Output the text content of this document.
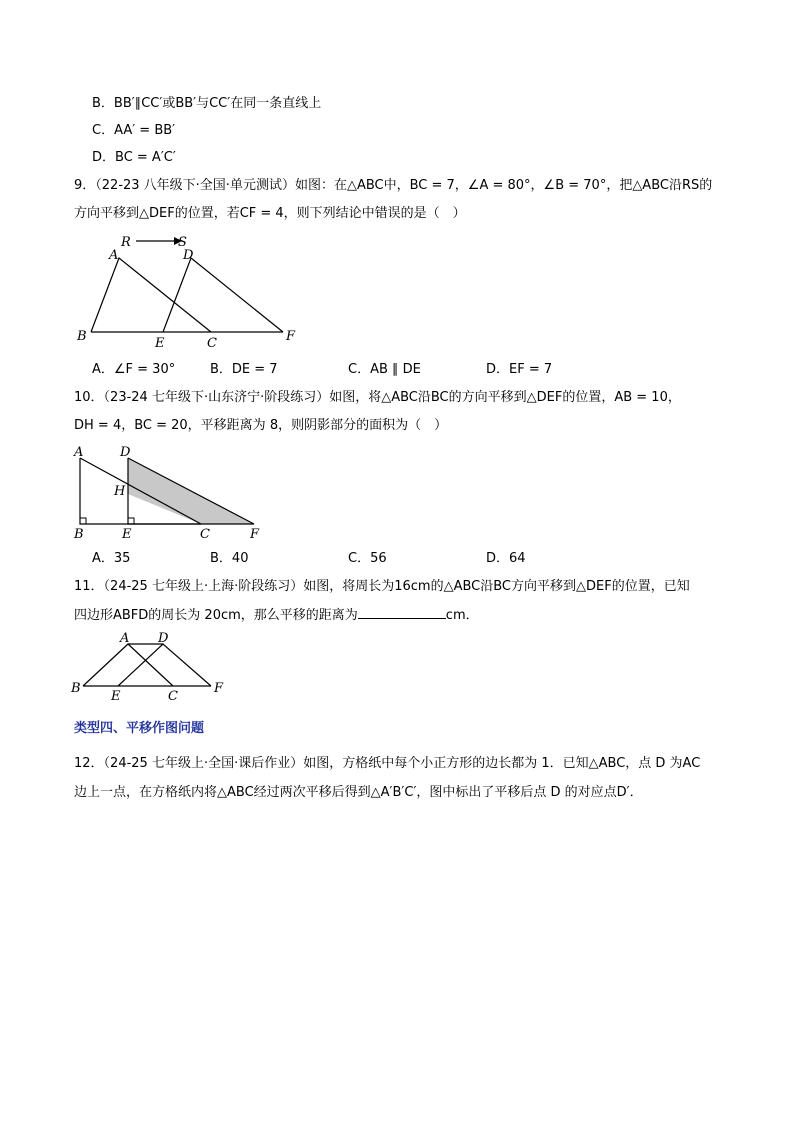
B．BB′∥CC′或BB′与CC′在同一条直线上
C．AA′ = BB′
D．BC = A′C′
9．（22-23 八年级下·全国·单元测试）如图：在△ABC中，BC = 7，∠A = 80°，∠B = 70°，把△ABC沿RS的
方向平移到△DEF的位置，若CF = 4，则下列结论中错误的是（　）
R	S
A	D
B	E	C	F
A．∠F = 30°	B．DE = 7	C．AB ∥ DE	D．EF = 7
10．（23-24 七年级下·山东济宁·阶段练习）如图，将△ABC沿BC的方向平移到△DEF的位置，AB = 10，
DH = 4，BC = 20，平移距离为 8，则阴影部分的面积为（　）
A	D
H
B	E	C	F
A．35	B．40	C．56	D．64
11．（24-25 七年级上·上海·阶段练习）如图，将周长为16cm的△ABC沿BC方向平移到△DEF的位置，已知
四边形ABFD的周长为 20cm，那么平移的距离为	cm．
A D
B
E	C
F
类型四、平移作图问题
12．（24-25 七年级上·全国·课后作业）如图，方格纸中每个小正方形的边长都为 1．已知△ABC，点 D 为AC
边上一点，在方格纸内将△ABC经过两次平移后得到△A′B′C′，图中标出了平移后点 D 的对应点D′．
